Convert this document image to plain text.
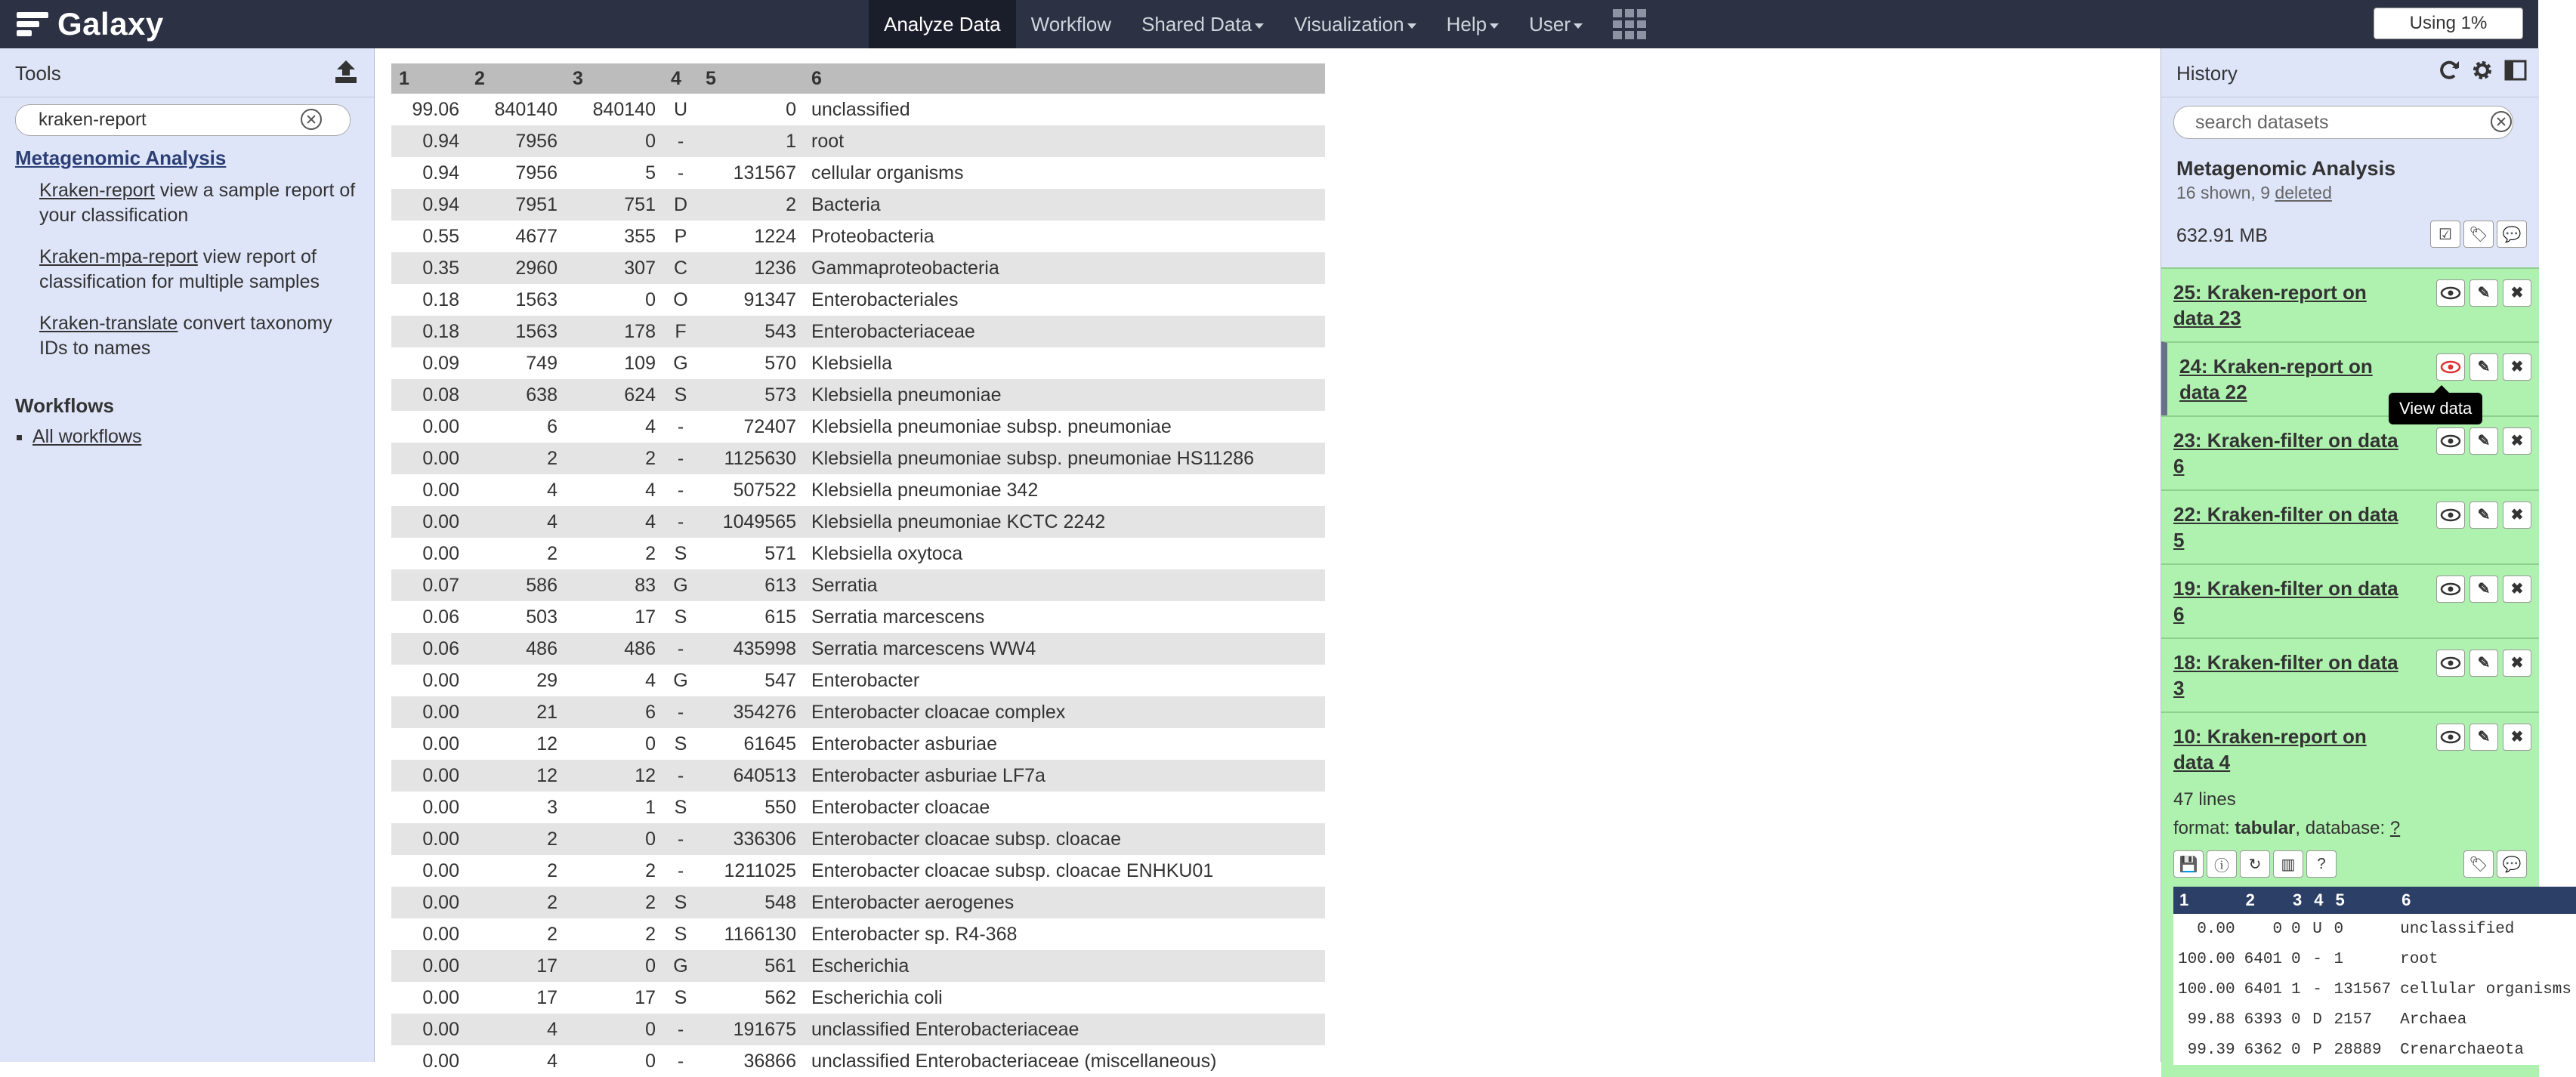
Galaxy	Analyze Data	Workflow	Shared Data	Visualization	Help	User	Using 1%
Tools
kraken-report
Metagenomic Analysis
Kraken-report view a sample report of your classification
Kraken-mpa-report view report of classification for multiple samples
Kraken-translate convert taxonomy IDs to names
Workflows
All workflows
1	2	3	4	5	6
99.06	840140	840140	U	0	unclassified
0.94	7956	0	-	1	root
0.94	7956	5	-	131567	cellular organisms
0.94	7951	751	D	2	Bacteria
0.55	4677	355	P	1224	Proteobacteria
0.35	2960	307	C	1236	Gammaproteobacteria
0.18	1563	0	O	91347	Enterobacteriales
0.18	1563	178	F	543	Enterobacteriaceae
0.09	749	109	G	570	Klebsiella
0.08	638	624	S	573	Klebsiella pneumoniae
0.00	6	4	-	72407	Klebsiella pneumoniae subsp. pneumoniae
0.00	2	2	-	1125630	Klebsiella pneumoniae subsp. pneumoniae HS11286
0.00	4	4	-	507522	Klebsiella pneumoniae 342
0.00	4	4	-	1049565	Klebsiella pneumoniae KCTC 2242
0.00	2	2	S	571	Klebsiella oxytoca
0.07	586	83	G	613	Serratia
0.06	503	17	S	615	Serratia marcescens
0.06	486	486	-	435998	Serratia marcescens WW4
0.00	29	4	G	547	Enterobacter
0.00	21	6	-	354276	Enterobacter cloacae complex
0.00	12	0	S	61645	Enterobacter asburiae
0.00	12	12	-	640513	Enterobacter asburiae LF7a
0.00	3	1	S	550	Enterobacter cloacae
0.00	2	0	-	336306	Enterobacter cloacae subsp. cloacae
0.00	2	2	-	1211025	Enterobacter cloacae subsp. cloacae ENHKU01
0.00	2	2	S	548	Enterobacter aerogenes
0.00	2	2	S	1166130	Enterobacter sp. R4-368
0.00	17	0	G	561	Escherichia
0.00	17	17	S	562	Escherichia coli
0.00	4	0	-	191675	unclassified Enterobacteriaceae
0.00	4	0	-	36866	unclassified Enterobacteriaceae (miscellaneous)
History
search datasets
Metagenomic Analysis
16 shown, 9 deleted
632.91 MB	☑	🏷 💬
25: Kraken-report on data 23
✎	✖
24: Kraken-report on data 22
✎	✖
23: Kraken-filter on data 6
✎	✖
22: Kraken-filter on data 5
✎	✖
19: Kraken-filter on data 6
✎	✖
18: Kraken-filter on data 3
✎	✖
10: Kraken-report on data 4
✎	✖
47 lines
format: tabular, database: ?
💾	ⓘ	↻	▥	?	🏷 💬
1	2	3	4	5	6
0.00	0	0	U	0	unclassified
100.00	6401	0	-	1	root
100.00	6401	1	-	131567	cellular organisms
99.88	6393	0	D	2157	Archaea
99.39	6362	0	P	28889	Crenarchaeota
View data
